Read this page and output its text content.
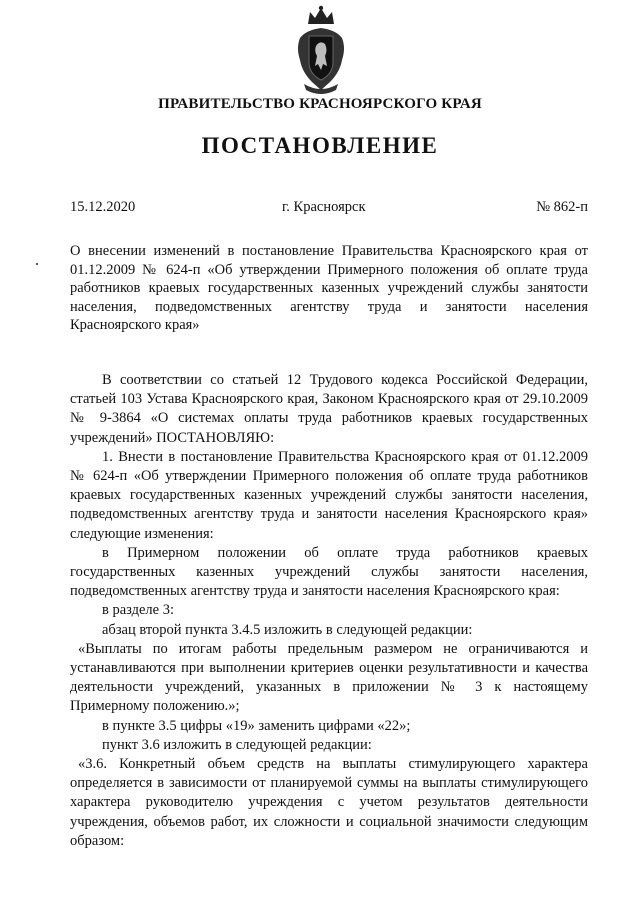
ПРАВИТЕЛЬСТВО КРАСНОЯРСКОГО КРАЯ
ПОСТАНОВЛЕНИЕ
15.12.2020	г. Красноярск	№ 862-п

О внесении изменений в постановление Правительства Красноярского края от 01.12.2009 № 624-п «Об утверждении Примерного положения об оплате труда работников краевых государственных казенных учреждений службы занятости населения, подведомственных агентству труда и занятости населения Красноярского края»

В соответствии со статьей 12 Трудового кодекса Российской Федерации, статьей 103 Устава Красноярского края, Законом Красноярского края от 29.10.2009 № 9-3864 «О системах оплаты труда работников краевых государственных учреждений» ПОСТАНОВЛЯЮ:

1. Внести в постановление Правительства Красноярского края от 01.12.2009 № 624-п «Об утверждении Примерного положения об оплате труда работников краевых государственных казенных учреждений службы занятости населения, подведомственных агентству труда и занятости населения Красноярского края» следующие изменения:

в Примерном положении об оплате труда работников краевых государственных казенных учреждений службы занятости населения, подведомственных агентству труда и занятости населения Красноярского края:

в разделе 3:

абзац второй пункта 3.4.5 изложить в следующей редакции:

«Выплаты по итогам работы предельным размером не ограничиваются и устанавливаются при выполнении критериев оценки результативности и качества деятельности учреждений, указанных в приложении № 3 к настоящему Примерному положению.»;

в пункте 3.5 цифры «19» заменить цифрами «22»;

пункт 3.6 изложить в следующей редакции:

«3.6. Конкретный объем средств на выплаты стимулирующего характера определяется в зависимости от планируемой суммы на выплаты стимулирующего характера руководителю учреждения с учетом результатов деятельности учреждения, объемов работ, их сложности и социальной значимости следующим образом:
